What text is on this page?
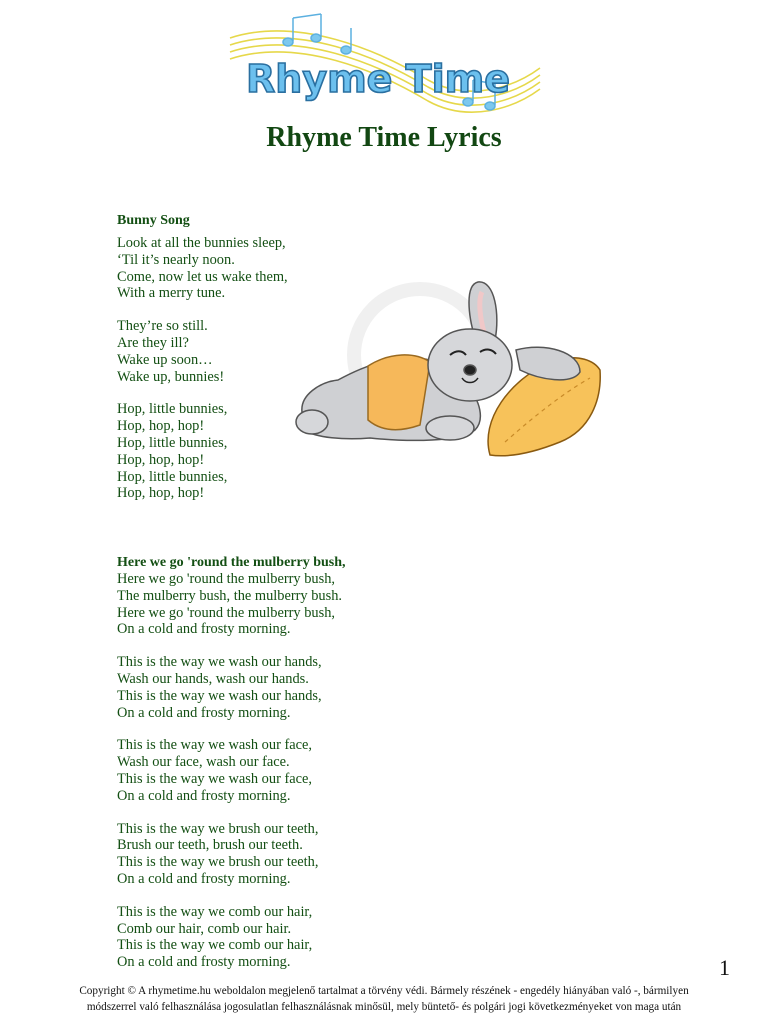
Rhyme Time
Rhyme Time Lyrics
Bunny Song
Look at all the bunnies sleep,
‘Til it’s nearly noon.
Come, now let us wake them,
With a merry tune.
They’re so still.
Are they ill?
Wake up soon…
Wake up, bunnies!
Hop, little bunnies,
Hop, hop, hop!
Hop, little bunnies,
Hop, hop, hop!
Hop, little bunnies,
Hop, hop, hop!
Here we go 'round the mulberry bush,
Here we go 'round the mulberry bush,
The mulberry bush, the mulberry bush.
Here we go 'round the mulberry bush,
On a cold and frosty morning.
This is the way we wash our hands,
Wash our hands, wash our hands.
This is the way we wash our hands,
On a cold and frosty morning.
This is the way we wash our face,
Wash our face, wash our face.
This is the way we wash our face,
On a cold and frosty morning.
This is the way we brush our teeth,
Brush our teeth, brush our teeth.
This is the way we brush our teeth,
On a cold and frosty morning.
This is the way we comb our hair,
Comb our hair, comb our hair.
This is the way we comb our hair,
On a cold and frosty morning.	1
Copyright © A rhymetime.hu weboldalon megjelenő tartalmat a törvény védi. Bármely részének - engedély hiányában való -, bármilyen
módszerrel való felhasználása jogosulatlan felhasználásnak minősül, mely büntető- és polgári jogi következményeket von maga után
